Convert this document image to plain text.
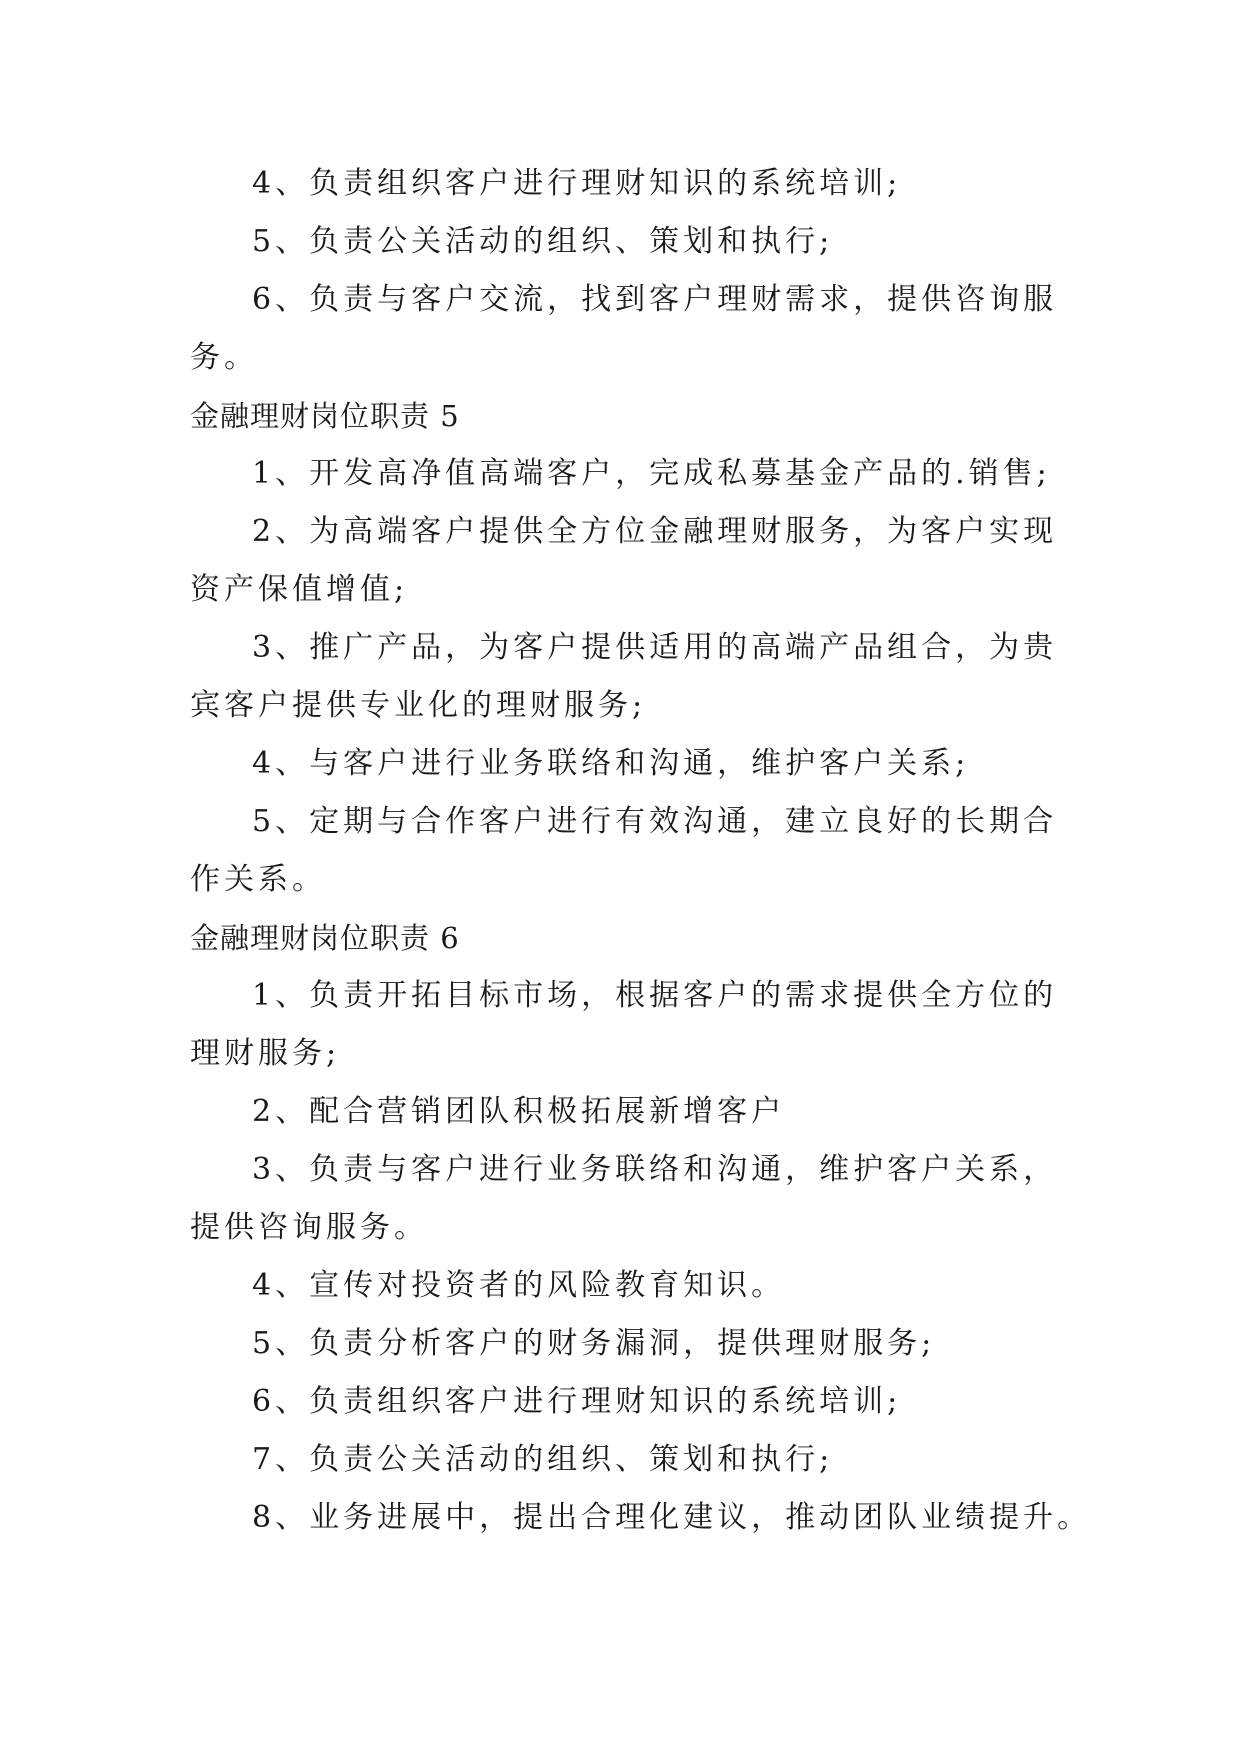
4、负责组织客户进行理财知识的系统培训;
5、负责公关活动的组织、策划和执行;
6、负责与客户交流，找到客户理财需求，提供咨询服
务。
金融理财岗位职责 5
1、开发高净值高端客户，完成私募基金产品的.销售;
2、为高端客户提供全方位金融理财服务，为客户实现
资产保值增值;
3、推广产品，为客户提供适用的高端产品组合，为贵
宾客户提供专业化的理财服务;
4、与客户进行业务联络和沟通，维护客户关系;
5、定期与合作客户进行有效沟通，建立良好的长期合
作关系。
金融理财岗位职责 6
1、负责开拓目标市场，根据客户的需求提供全方位的
理财服务;
2、配合营销团队积极拓展新增客户
3、负责与客户进行业务联络和沟通，维护客户关系，
提供咨询服务。
4、宣传对投资者的风险教育知识。
5、负责分析客户的财务漏洞，提供理财服务;
6、负责组织客户进行理财知识的系统培训;
7、负责公关活动的组织、策划和执行;
8、业务进展中，提出合理化建议，推动团队业绩提升。
